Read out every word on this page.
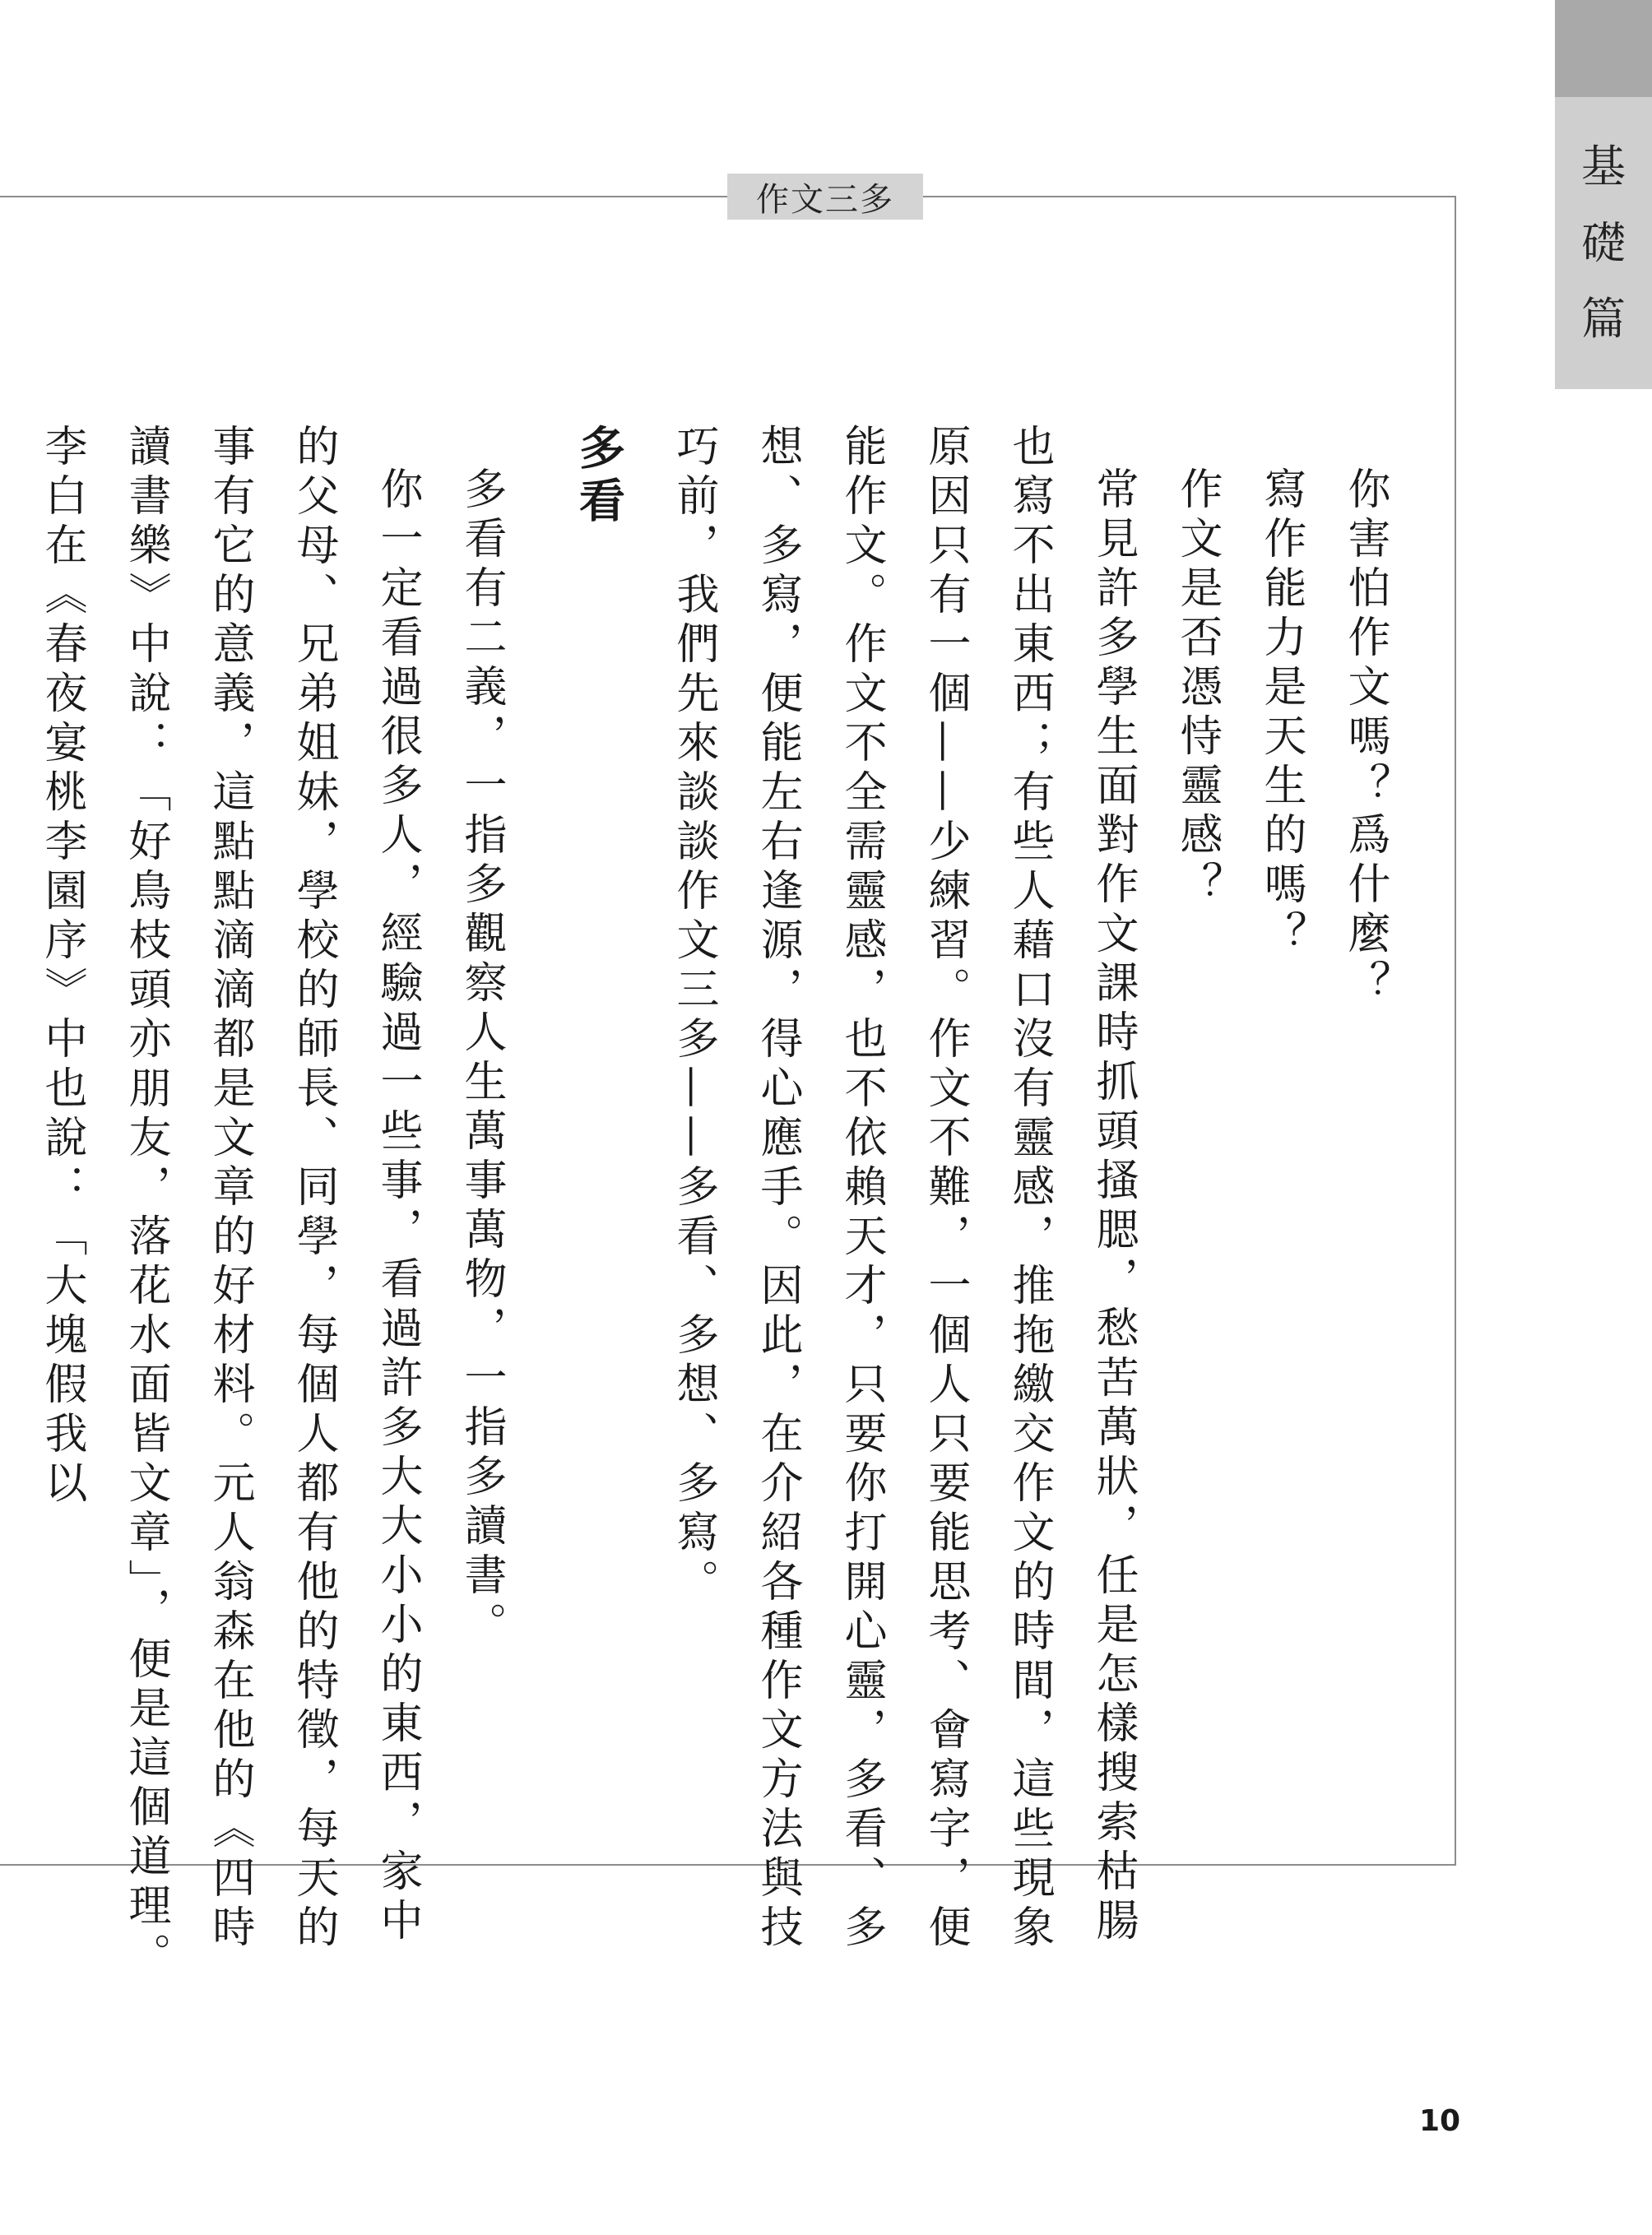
基
礎
篇
作文三多

你害怕作文嗎？爲什麼？

寫作能力是天生的嗎？

作文是否憑恃靈感？

常見許多學生面對作文課時抓頭搔腮，愁苦萬狀，任是怎樣搜索枯腸也寫不出東西；有些人藉口沒有靈感，推拖繳交作文的時間，這些現象原因只有一個——少練習。作文不難，一個人只要能思考、會寫字，便能作文。作文不全需靈感，也不依賴天才，只要你打開心靈，多看、多想、多寫，便能左右逢源，得心應手。因此，在介紹各種作文方法與技巧前，我們先來談談作文三多——多看、多想、多寫。

多看

多看有二義，一指多觀察人生萬事萬物，一指多讀書。

你一定看過很多人，經驗過一些事，看過許多大大小小的東西，家中的父母、兄弟姐妹，學校的師長、同學，每個人都有他的特徵，每天的事有它的意義，這點點滴滴都是文章的好材料。元人翁森在他的《四時讀書樂》中說：「好鳥枝頭亦朋友，落花水面皆文章」，便是這個道理。李白在《春夜宴桃李園序》中也說：「大塊假我以

10
